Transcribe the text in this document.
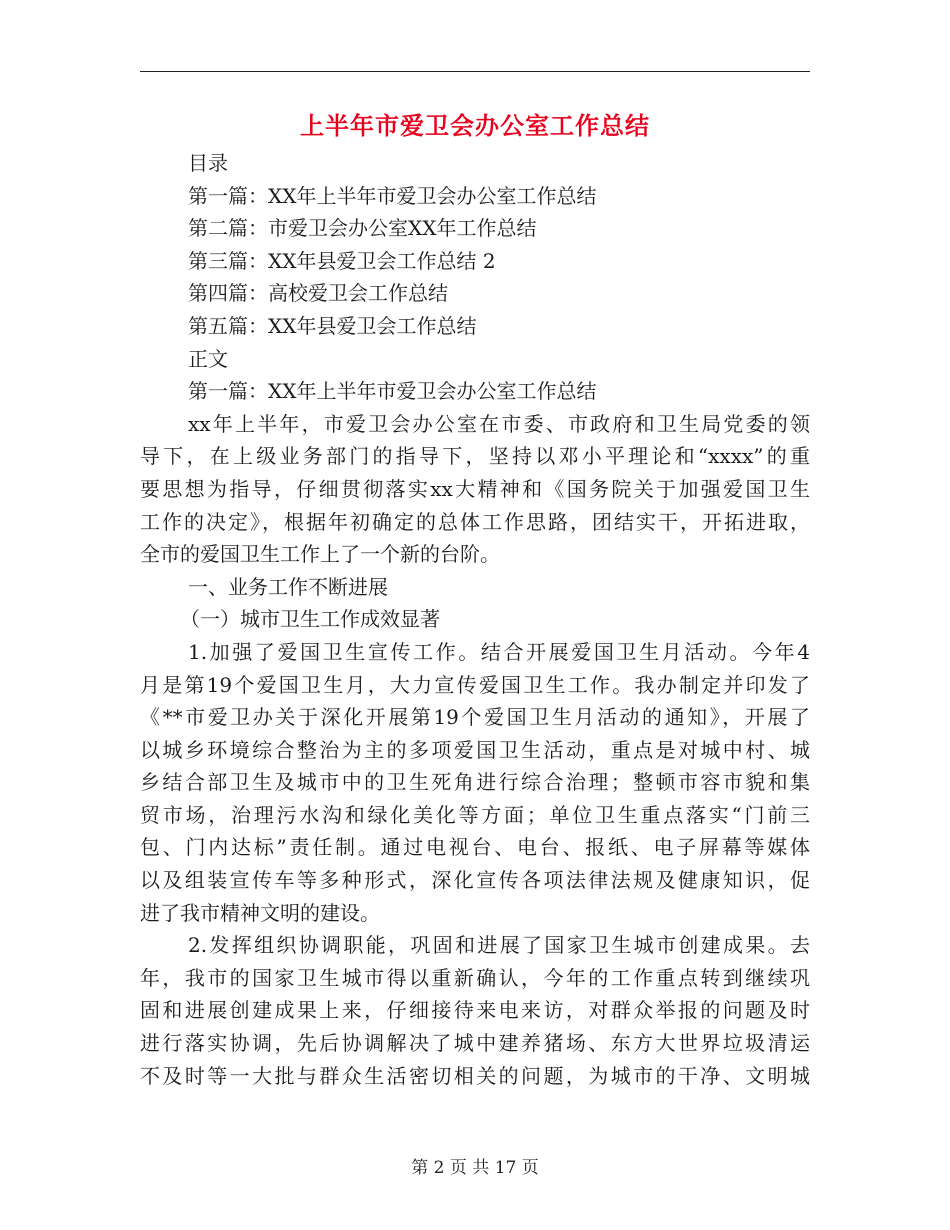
上半年市爱卫会办公室工作总结
目录
第一篇：XX年上半年市爱卫会办公室工作总结
第二篇：市爱卫会办公室XX年工作总结
第三篇：XX年县爱卫会工作总结 2
第四篇：高校爱卫会工作总结
第五篇：XX年县爱卫会工作总结
正文
第一篇：XX年上半年市爱卫会办公室工作总结
xx年上半年，市爱卫会办公室在市委、市政府和卫生局党委的领
导下，在上级业务部门的指导下，坚持以邓小平理论和“xxxx”的重
要思想为指导，仔细贯彻落实xx大精神和《国务院关于加强爱国卫生
工作的决定》，根据年初确定的总体工作思路，团结实干，开拓进取，
全市的爱国卫生工作上了一个新的台阶。
一、业务工作不断进展
（一）城市卫生工作成效显著
1.加强了爱国卫生宣传工作。结合开展爱国卫生月活动。今年4
月是第19个爱国卫生月，大力宣传爱国卫生工作。我办制定并印发了
《**市爱卫办关于深化开展第19个爱国卫生月活动的通知》，开展了
以城乡环境综合整治为主的多项爱国卫生活动，重点是对城中村、城
乡结合部卫生及城市中的卫生死角进行综合治理；整顿市容市貌和集
贸市场，治理污水沟和绿化美化等方面；单位卫生重点落实“门前三
包、门内达标”责任制。通过电视台、电台、报纸、电子屏幕等媒体
以及组装宣传车等多种形式，深化宣传各项法律法规及健康知识，促
进了我市精神文明的建设。
2.发挥组织协调职能，巩固和进展了国家卫生城市创建成果。去
年，我市的国家卫生城市得以重新确认，今年的工作重点转到继续巩
固和进展创建成果上来，仔细接待来电来访，对群众举报的问题及时
进行落实协调，先后协调解决了城中建养猪场、东方大世界垃圾清运
不及时等一大批与群众生活密切相关的问题，为城市的干净、文明城
第 2 页 共 17 页
